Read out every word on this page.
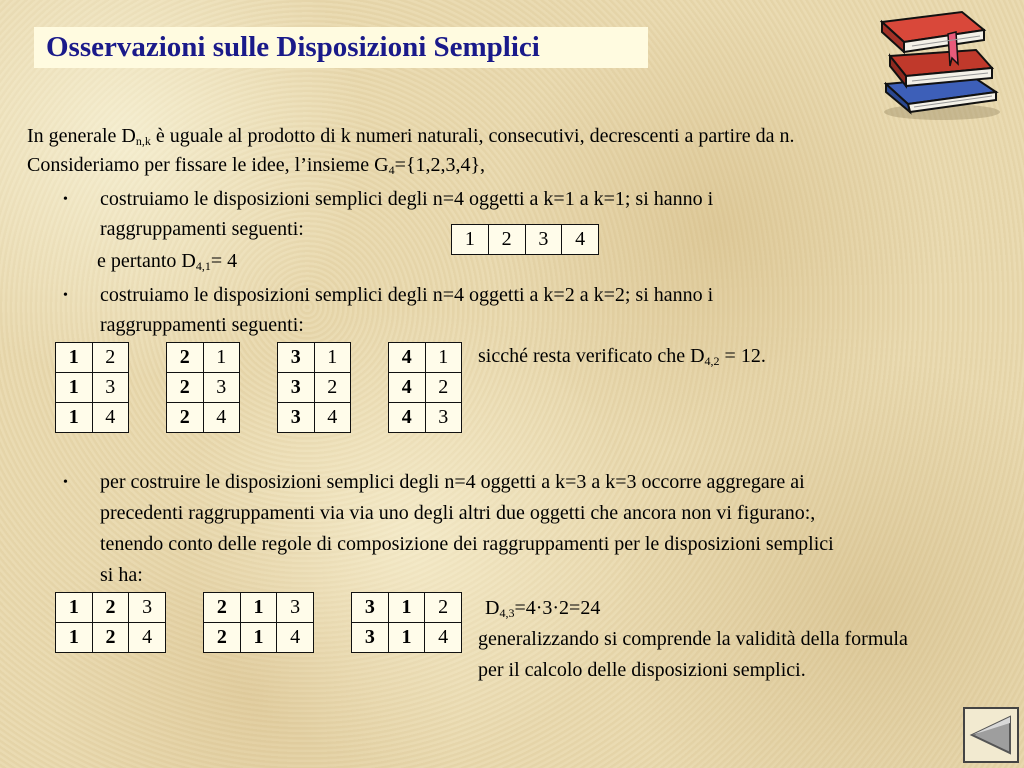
Osservazioni sulle Disposizioni Semplici
In generale $D_{n,k}$ è uguale al prodotto di k numeri naturali, consecutivi, decrescenti a partire da n.
Consideriamo per fissare le idee, l’insieme $G_4=\{1,2,3,4\}$,
• costruiamo le disposizioni semplici degli n=4 oggetti a k=1 a k=1; si hanno i
raggruppamenti seguenti:
e pertanto $D_{4,1}= 4$
1	2	3	4
• costruiamo le disposizioni semplici degli n=4 oggetti a k=2 a k=2; si hanno i
raggruppamenti seguenti:
sicché resta verificato che $D_{4,2} = 12$.
1	2
1	3
1	4
2	1
2	3
2	4
3	1
3	2
3	4
4	1
4	2
4	3
• per costruire le disposizioni semplici degli n=4 oggetti a k=3 a k=3 occorre aggregare ai
precedenti raggruppamenti via via uno degli altri due oggetti che ancora non vi figurano:,
tenendo conto delle regole di composizione dei raggruppamenti per le disposizioni semplici
si ha:
$D_{4,3}=4\cdot 3\cdot 2=24$
generalizzando si comprende la validità della formula
per il calcolo delle disposizioni semplici.
1	2	3
1	2	4
2	1	3
2	1	4
3	1	2
3	1	4
